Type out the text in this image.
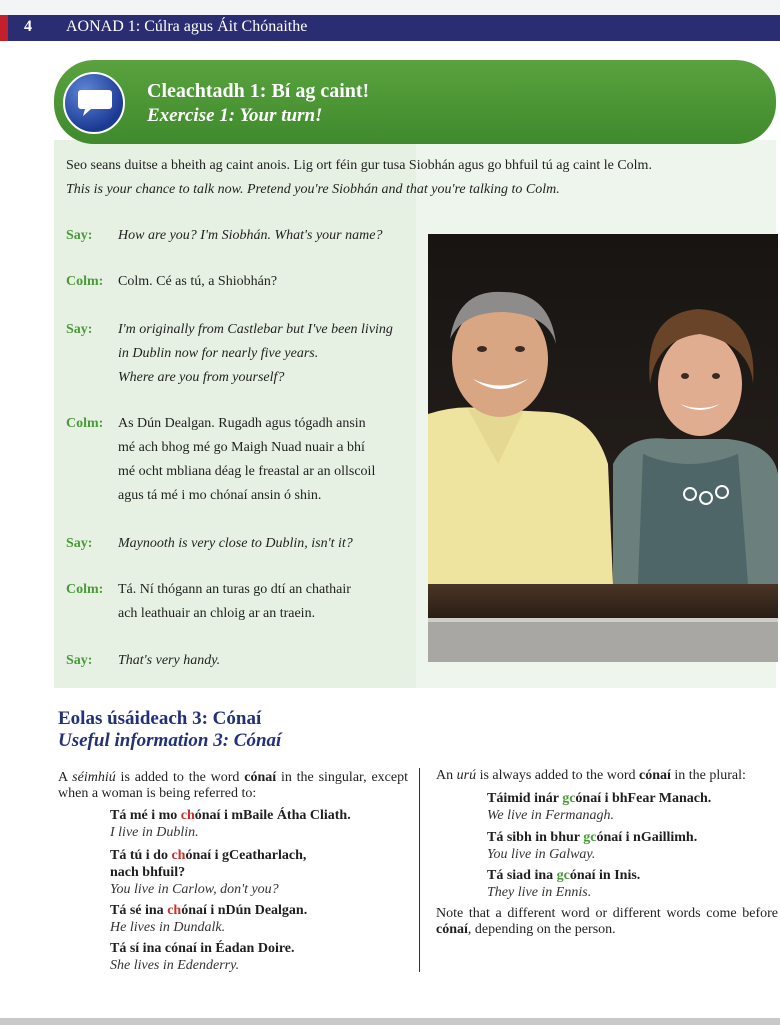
4 AONAD 1: Cúlra agus Áit Chónaithe
Cleachtadh 1: Bí ag caint!
Exercise 1: Your turn!
Seo seans duitse a bheith ag caint anois. Lig ort féin gur tusa Siobhán agus go bhfuil tú ag caint le Colm.
This is your chance to talk now. Pretend you're Siobhán and that you're talking to Colm.
Say: How are you? I'm Siobhán. What's your name?
Colm: Colm. Cé as tú, a Shiobhán?
Say: I'm originally from Castlebar but I've been living
in Dublin now for nearly five years.
Where are you from yourself?
Colm: As Dún Dealgan. Rugadh agus tógadh ansin
mé ach bhog mé go Maigh Nuad nuair a bhí
mé ocht mbliana déag le freastal ar an ollscoil
agus tá mé i mo chónaí ansin ó shin.
Say: Maynooth is very close to Dublin, isn't it?
Colm: Tá. Ní thógann an turas go dtí an chathair
ach leathuair an chloig ar an traein.
Say: That's very handy.
Eolas úsáideach 3: Cónaí
Useful information 3: Cónaí
A séimhiú is added to the word cónaí in the singular, except when a woman is being referred to:
Tá mé i mo chónaí i mBaile Átha Cliath.
I live in Dublin.
Tá tú i do chónaí i gCeatharlach,
nach bhfuil?
You live in Carlow, don't you?
Tá sé ina chónaí i nDún Dealgan.
He lives in Dundalk.
Tá sí ina cónaí in Éadan Doire.
She lives in Edenderry.
An urú is always added to the word cónaí in the plural:
Táimid inár gcónaí i bhFear Manach.
We live in Fermanagh.
Tá sibh in bhur gcónaí i nGaillimh.
You live in Galway.
Tá siad ina gcónaí in Inis.
They live in Ennis.
Note that a different word or different words come before cónaí, depending on the person.
